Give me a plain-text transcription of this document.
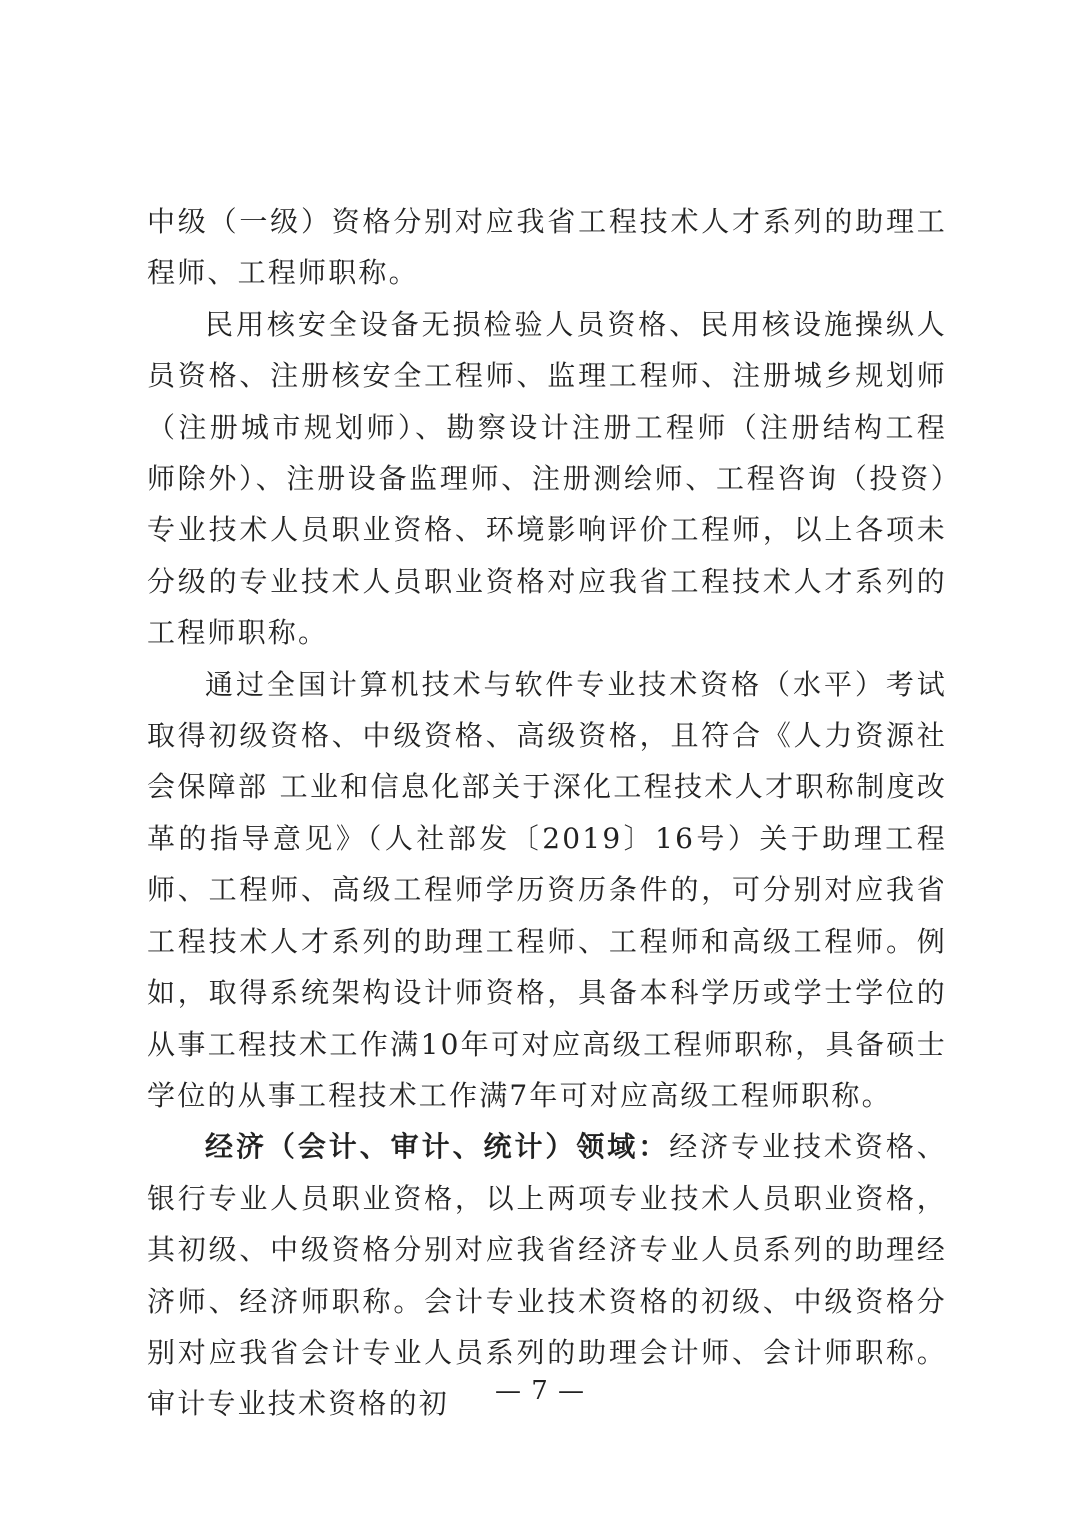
中级（一级）资格分别对应我省工程技术人才系列的助理工程师、工程师职称。

民用核安全设备无损检验人员资格、民用核设施操纵人员资格、注册核安全工程师、监理工程师、注册城乡规划师（注册城市规划师）、勘察设计注册工程师（注册结构工程师除外）、注册设备监理师、注册测绘师、工程咨询（投资）专业技术人员职业资格、环境影响评价工程师，以上各项未分级的专业技术人员职业资格对应我省工程技术人才系列的工程师职称。

通过全国计算机技术与软件专业技术资格（水平）考试取得初级资格、中级资格、高级资格，且符合《人力资源社会保障部 工业和信息化部关于深化工程技术人才职称制度改革的指导意见》（人社部发〔2019〕16号）关于助理工程师、工程师、高级工程师学历资历条件的，可分别对应我省工程技术人才系列的助理工程师、工程师和高级工程师。例如，取得系统架构设计师资格，具备本科学历或学士学位的从事工程技术工作满10年可对应高级工程师职称，具备硕士学位的从事工程技术工作满7年可对应高级工程师职称。

经济（会计、审计、统计）领域：经济专业技术资格、银行专业人员职业资格，以上两项专业技术人员职业资格，其初级、中级资格分别对应我省经济专业人员系列的助理经济师、经济师职称。会计专业技术资格的初级、中级资格分别对应我省会计专业人员系列的助理会计师、会计师职称。审计专业技术资格的初	— 7 —
